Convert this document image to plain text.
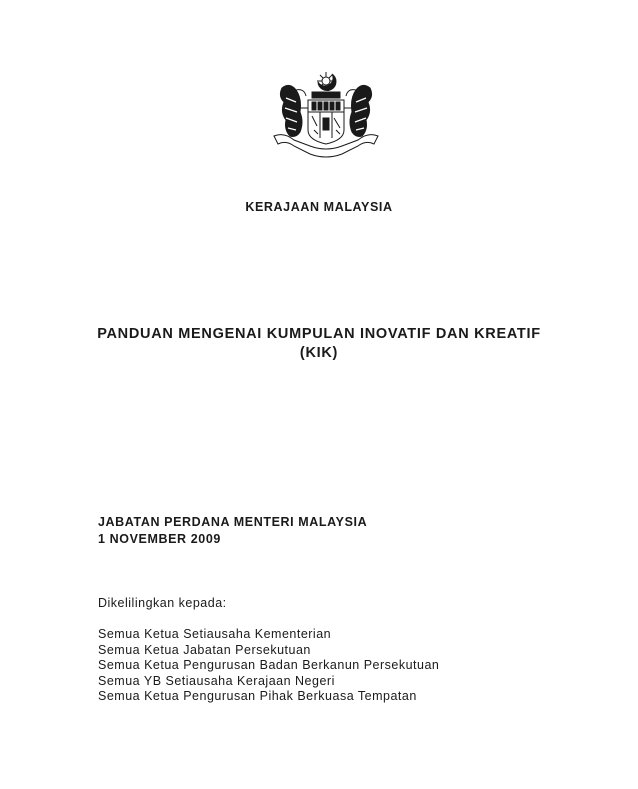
KERAJAAN MALAYSIA
PANDUAN MENGENAI KUMPULAN INOVATIF DAN KREATIF
(KIK)
JABATAN PERDANA MENTERI MALAYSIA
1 NOVEMBER 2009
Dikelilingkan kepada:
Semua Ketua Setiausaha Kementerian
Semua Ketua Jabatan Persekutuan
Semua Ketua Pengurusan Badan Berkanun Persekutuan
Semua YB Setiausaha Kerajaan Negeri
Semua Ketua Pengurusan Pihak Berkuasa Tempatan
